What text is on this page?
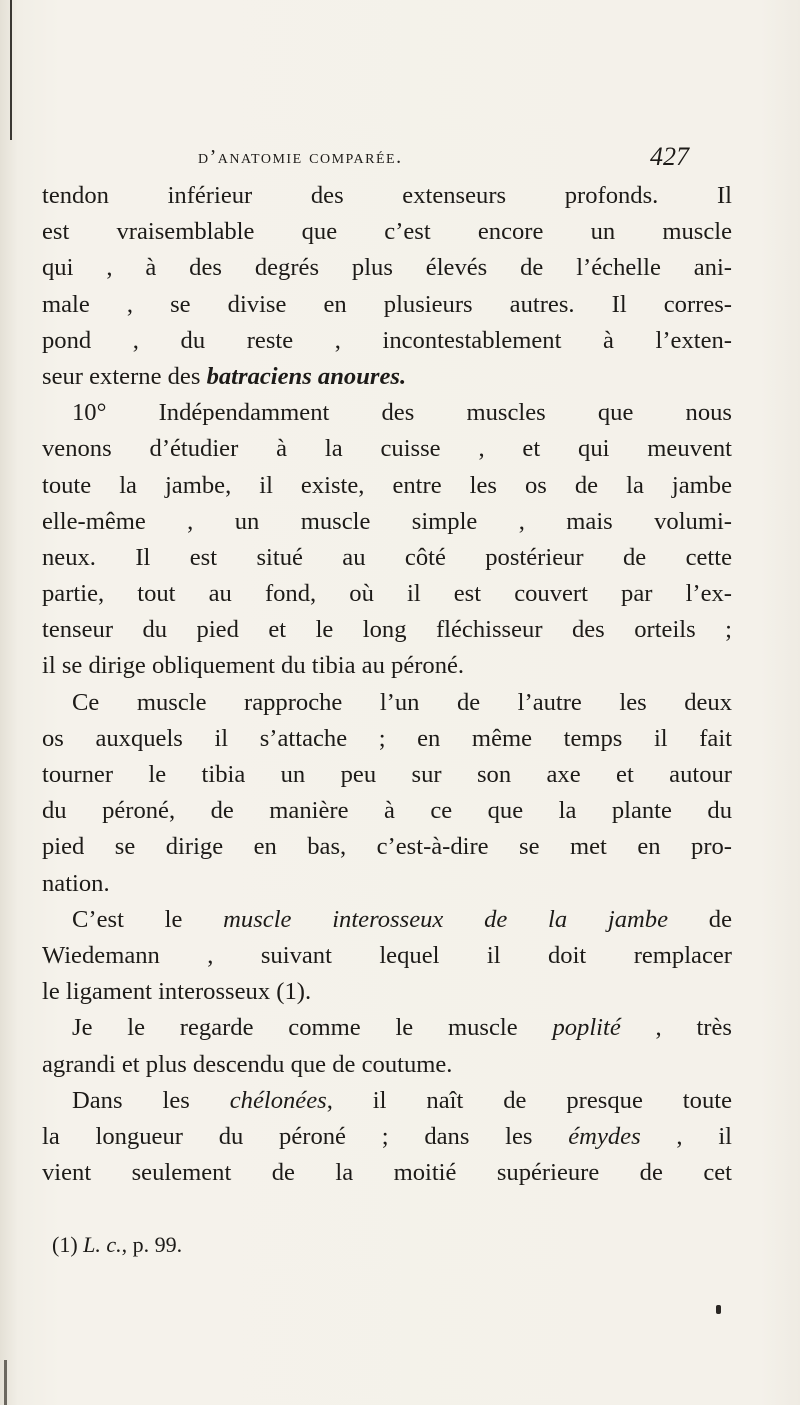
d’anatomie comparée.	427
tendon inférieur des extenseurs profonds. Il
est vraisemblable que c’est encore un muscle
qui , à des degrés plus élevés de l’échelle ani-
male , se divise en plusieurs autres. Il corres-
pond , du reste , incontestablement à l’exten-
seur externe des batraciens anoures.
10° Indépendamment des muscles que nous
venons d’étudier à la cuisse , et qui meuvent
toute la jambe, il existe, entre les os de la jambe
elle-même , un muscle simple , mais volumi-
neux. Il est situé au côté postérieur de cette
partie, tout au fond, où il est couvert par l’ex-
tenseur du pied et le long fléchisseur des orteils ;
il se dirige obliquement du tibia au péroné.
Ce muscle rapproche l’un de l’autre les deux
os auxquels il s’attache ; en même temps il fait
tourner le tibia un peu sur son axe et autour
du péroné, de manière à ce que la plante du
pied se dirige en bas, c’est-à-dire se met en pro-
nation.
C’est le muscle interosseux de la jambe de
Wiedemann , suivant lequel il doit remplacer
le ligament interosseux (1).
Je le regarde comme le muscle poplité , très
agrandi et plus descendu que de coutume.
Dans les chélonées, il naît de presque toute
la longueur du péroné ; dans les émydes , il
vient seulement de la moitié supérieure de cet
(1) L. c., p. 99.
